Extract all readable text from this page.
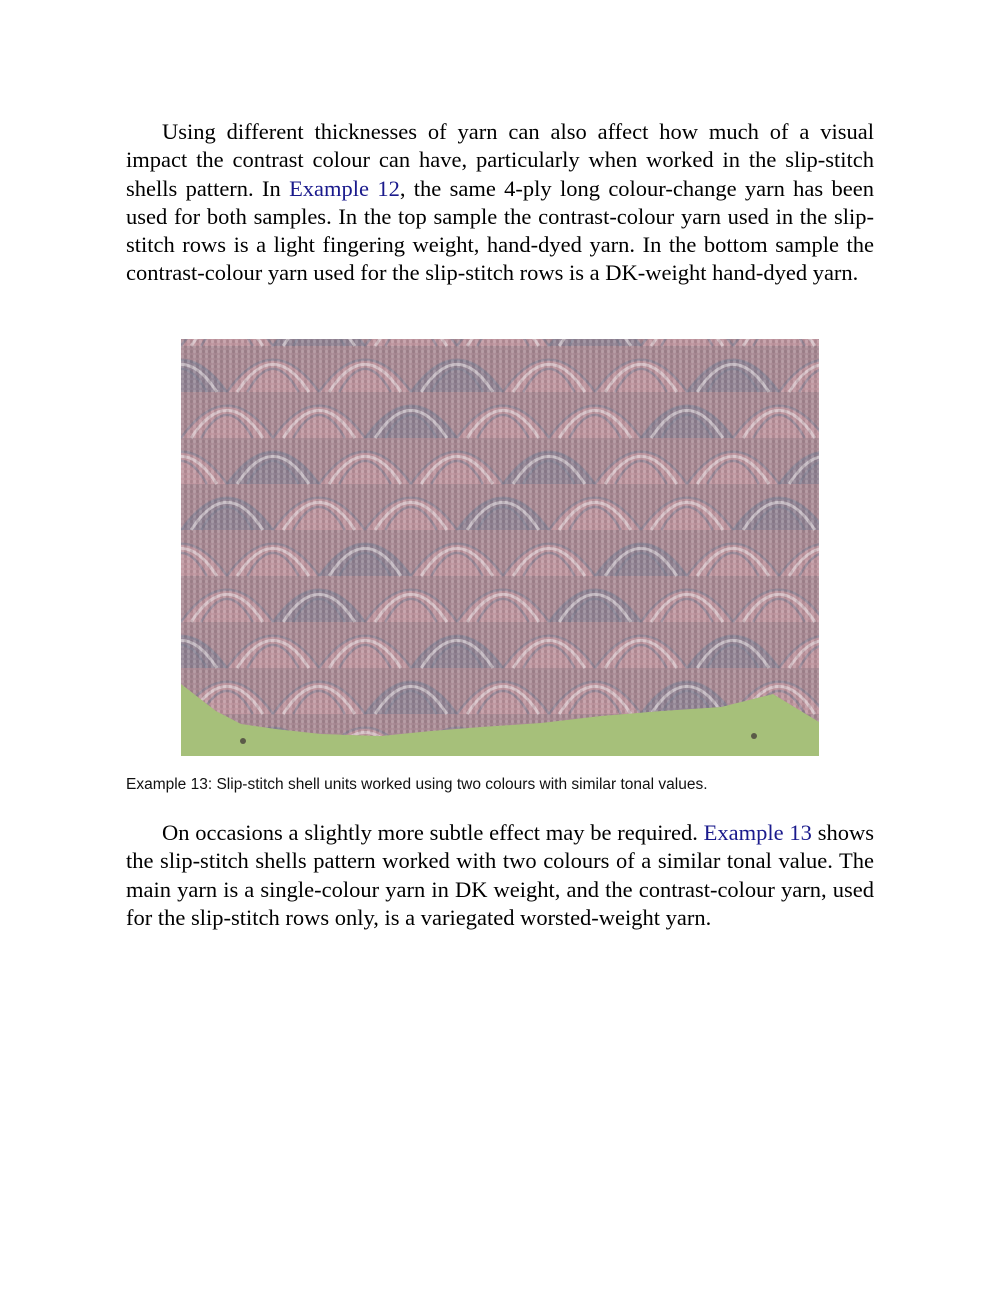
Using different thicknesses of yarn can also affect how much of a visual impact the contrast colour can have, particularly when worked in the slip-stitch shells pattern. In Example 12, the same 4-ply long colour-change yarn has been used for both samples. In the top sample the contrast-colour yarn used in the slip-stitch rows is a light fingering weight, hand-dyed yarn. In the bottom sample the contrast-colour yarn used for the slip-stitch rows is a DK-weight hand-dyed yarn.

Example 13: Slip-stitch shell units worked using two colours with similar tonal values.

On occasions a slightly more subtle effect may be required. Example 13 shows the slip-stitch shells pattern worked with two colours of a similar tonal value. The main yarn is a single-colour yarn in DK weight, and the contrast-colour yarn, used for the slip-stitch rows only, is a variegated worsted-weight yarn.
